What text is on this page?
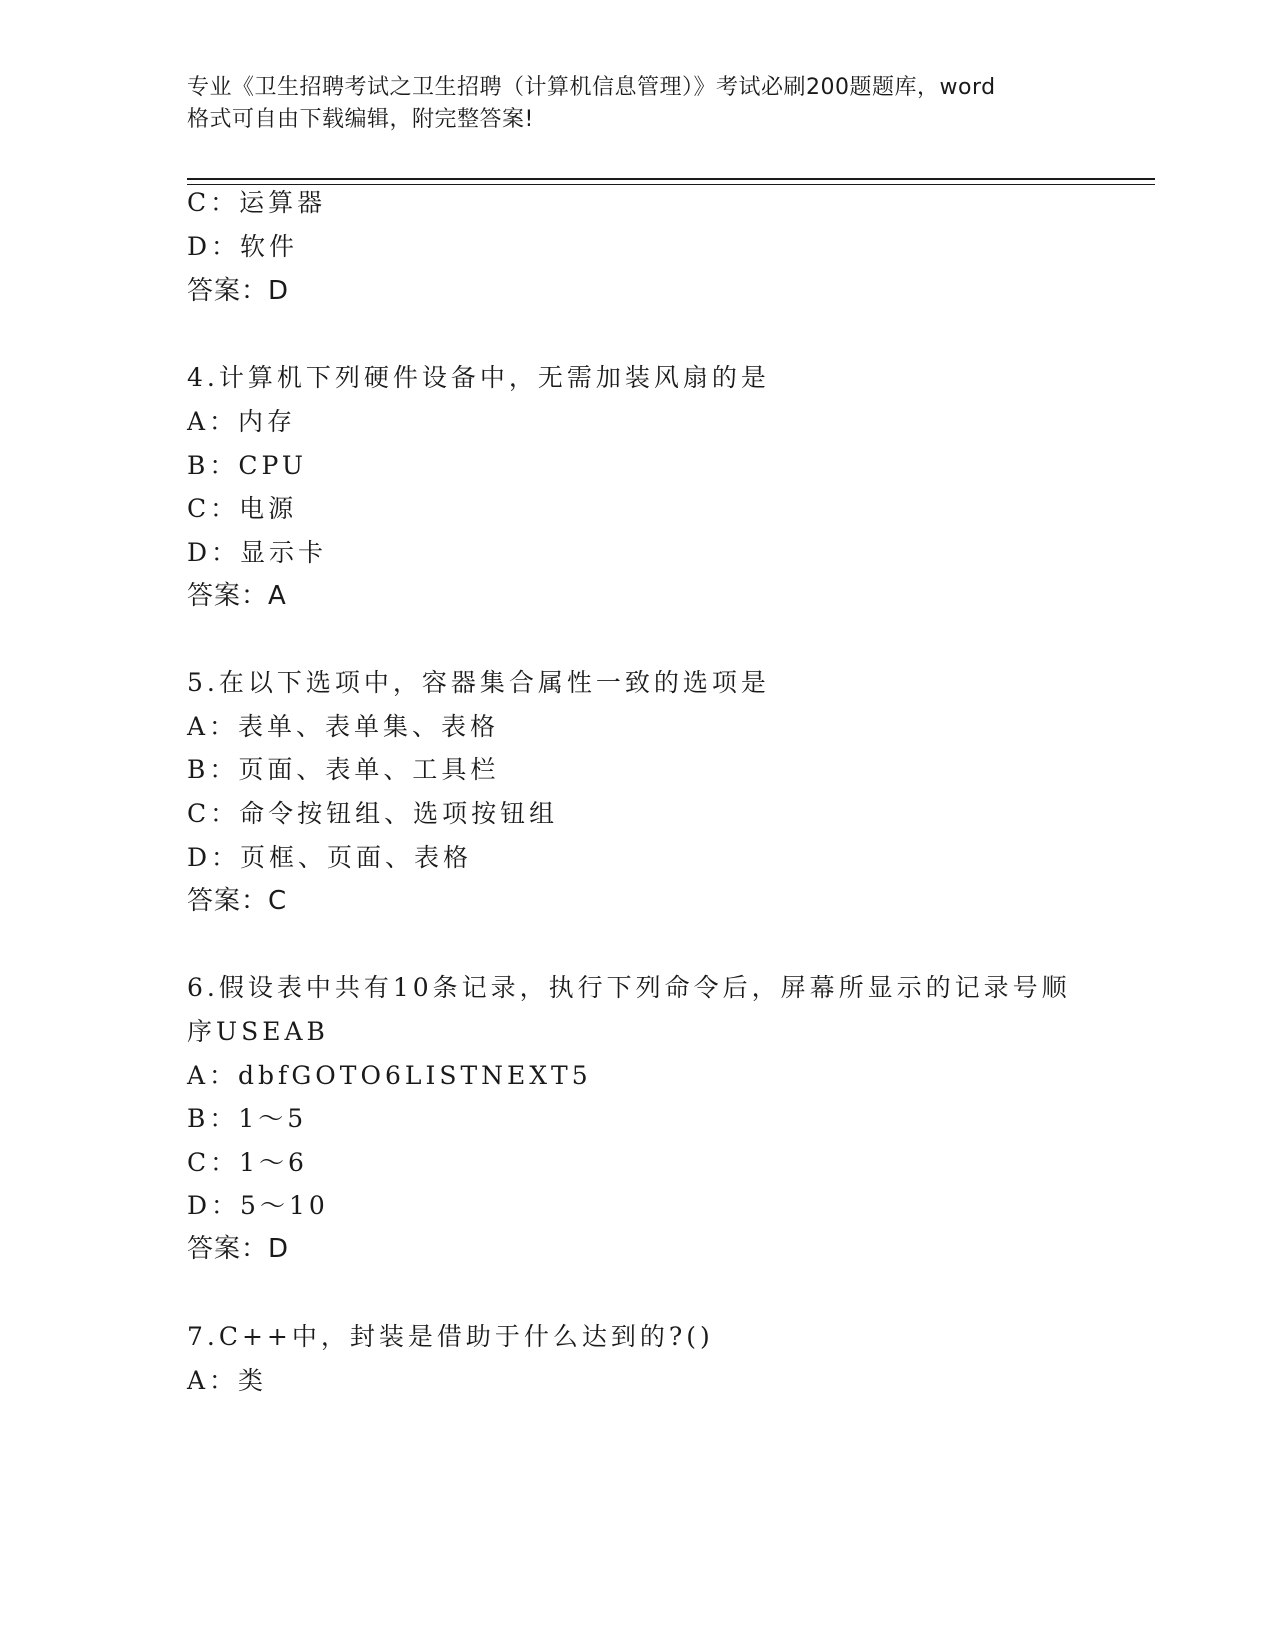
专业《卫生招聘考试之卫生招聘（计算机信息管理）》考试必刷200题题库，word
格式可自由下载编辑，附完整答案!
C：运算器
D：软件
答案：D
4.计算机下列硬件设备中，无需加装风扇的是
A：内存
B：CPU
C：电源
D：显示卡
答案：A
5.在以下选项中，容器集合属性一致的选项是
A：表单、表单集、表格
B：页面、表单、工具栏
C：命令按钮组、选项按钮组
D：页框、页面、表格
答案：C
6.假设表中共有10条记录，执行下列命令后，屏幕所显示的记录号顺
序USEAB
A：dbfGOTO6LISTNEXT5
B：1～5
C：1～6
D：5～10
答案：D
7.C++中，封装是借助于什么达到的?()
A：类
